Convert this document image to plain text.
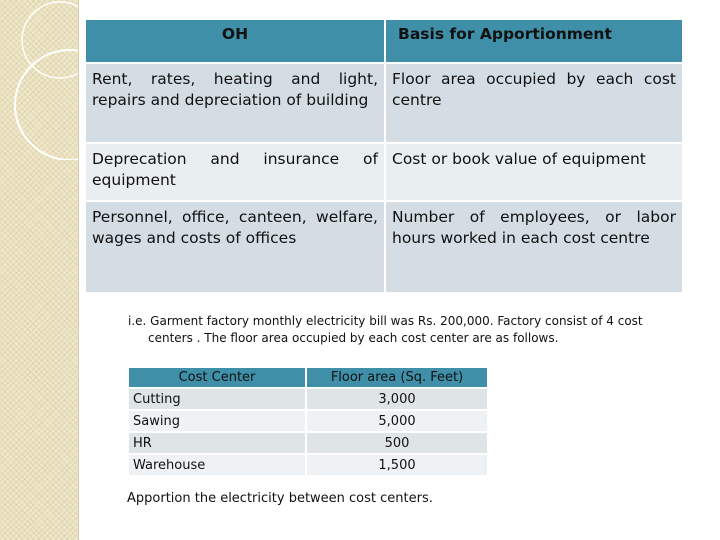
OH	Basis for Apportionment
Rent, rates, heating and light, repairs and depreciation of building	Floor area occupied by each cost centre
Deprecation and insurance of equipment	Cost or book value of equipment
Personnel, office, canteen, welfare, wages and costs of offices	Number of employees, or labor hours worked in each cost centre
i.e. Garment factory monthly electricity bill was Rs. 200,000. Factory consist of 4 cost
centers . The floor area occupied by each cost center are as follows.
Cost Center	Floor area (Sq. Feet)
Cutting	3,000
Sawing	5,000
HR	500
Warehouse	1,500
Apportion the electricity between cost centers.
